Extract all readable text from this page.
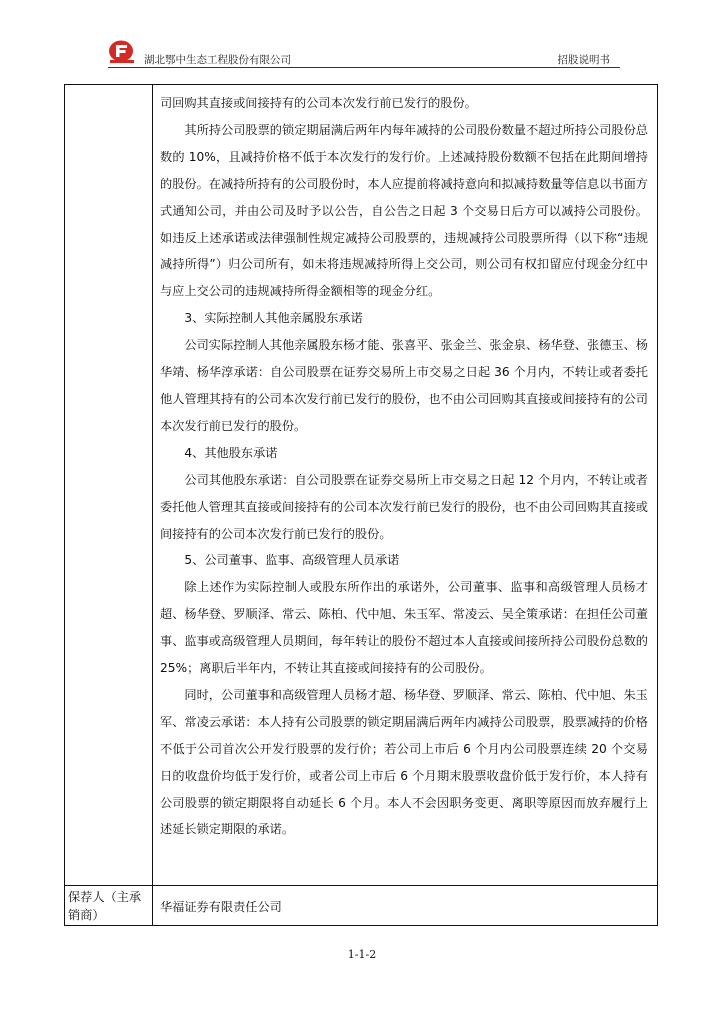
湖北鄂中生态工程股份有限公司	招股说明书

司回购其直接或间接持有的公司本次发行前已发行的股份。

其所持公司股票的锁定期届满后两年内每年减持的公司股份数量不超过所持公司股份总数的 10%，且减持价格不低于本次发行的发行价。上述减持股份数额不包括在此期间增持的股份。在减持所持有的公司股份时，本人应提前将减持意向和拟减持数量等信息以书面方式通知公司，并由公司及时予以公告，自公告之日起 3 个交易日后方可以减持公司股份。如违反上述承诺或法律强制性规定减持公司股票的，违规减持公司股票所得（以下称“违规减持所得”）归公司所有，如未将违规减持所得上交公司，则公司有权扣留应付现金分红中与应上交公司的违规减持所得金额相等的现金分红。

3、实际控制人其他亲属股东承诺

公司实际控制人其他亲属股东杨才能、张喜平、张金兰、张金泉、杨华登、张德玉、杨华靖、杨华淳承诺：自公司股票在证券交易所上市交易之日起 36 个月内，不转让或者委托他人管理其持有的公司本次发行前已发行的股份，也不由公司回购其直接或间接持有的公司本次发行前已发行的股份。

4、其他股东承诺

公司其他股东承诺：自公司股票在证券交易所上市交易之日起 12 个月内，不转让或者委托他人管理其直接或间接持有的公司本次发行前已发行的股份，也不由公司回购其直接或间接持有的公司本次发行前已发行的股份。

5、公司董事、监事、高级管理人员承诺

除上述作为实际控制人或股东所作出的承诺外，公司董事、监事和高级管理人员杨才超、杨华登、罗顺泽、常云、陈柏、代中旭、朱玉军、常凌云、吴全策承诺：在担任公司董事、监事或高级管理人员期间，每年转让的股份不超过本人直接或间接所持公司股份总数的 25%；离职后半年内，不转让其直接或间接持有的公司股份。

同时，公司董事和高级管理人员杨才超、杨华登、罗顺泽、常云、陈柏、代中旭、朱玉军、常凌云承诺：本人持有公司股票的锁定期届满后两年内减持公司股票，股票减持的价格不低于公司首次公开发行股票的发行价；若公司上市后 6 个月内公司股票连续 20 个交易日的收盘价均低于发行价，或者公司上市后 6 个月期末股票收盘价低于发行价，本人持有公司股票的锁定期限将自动延长 6 个月。本人不会因职务变更、离职等原因而放弃履行上述延长锁定期限的承诺。

保荐人（主承销商）
华福证券有限责任公司
1-1-2
